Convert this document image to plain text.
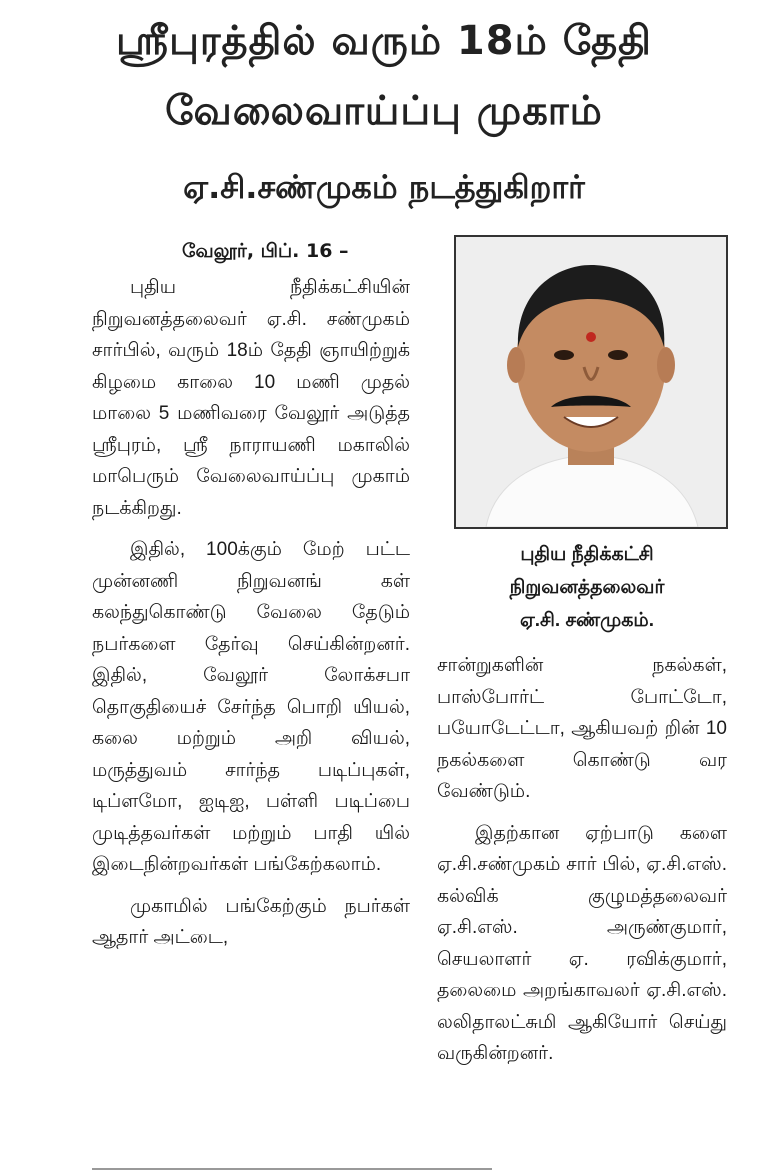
ஸ்ரீபுரத்தில் வரும் 18ம் தேதி
வேலைவாய்ப்பு முகாம்
ஏ.சி.சண்முகம் நடத்துகிறார்
வேலூர், பிப். 16 –

புதிய நீதிக்கட்சியின் நிறுவனத்தலைவர் ஏ.சி. சண்முகம் சார்பில், வரும் 18ம் தேதி ஞாயிற்றுக் கிழமை காலை 10 மணி முதல் மாலை 5 மணிவரை வேலூர் அடுத்த ஸ்ரீபுரம், ஸ்ரீ நாராயணி மகாலில் மாபெரும் வேலைவாய்ப்பு முகாம் நடக்கிறது.

இதில், 100க்கும் மேற் பட்ட முன்னணி நிறுவனங் கள் கலந்துகொண்டு வேலை தேடும் நபர்களை தேர்வு செய்கின்றனர். இதில், வேலூர் லோக்சபா தொகுதியைச் சேர்ந்த பொறி யியல், கலை மற்றும் அறி வியல், மருத்துவம் சார்ந்த படிப்புகள், டிப்ளமோ, ஐடிஐ, பள்ளி படிப்பை முடித்தவர்கள் மற்றும் பாதி யில் இடைநின்றவர்கள் பங்கேற்கலாம்.

முகாமில் பங்கேற்கும் நபர்கள் ஆதார் அட்டை,

புதிய நீதிக்கட்சி
நிறுவனத்தலைவர்
ஏ.சி. சண்முகம்.

சான்றுகளின் நகல்கள், பாஸ்போர்ட் போட்டோ, பயோடேட்டா, ஆகியவற் றின் 10 நகல்களை கொண்டு வர வேண்டும்.

இதற்கான ஏற்பாடு களை ஏ.சி.சண்முகம் சார் பில், ஏ.சி.எஸ். கல்விக் குழுமத்தலைவர் ஏ.சி.எஸ். அருண்குமார், செயலாளர் ஏ. ரவிக்குமார், தலைமை அறங்காவலர் ஏ.சி.எஸ். லலிதாலட்சுமி ஆகியோர் செய்து வருகின்றனர்.
